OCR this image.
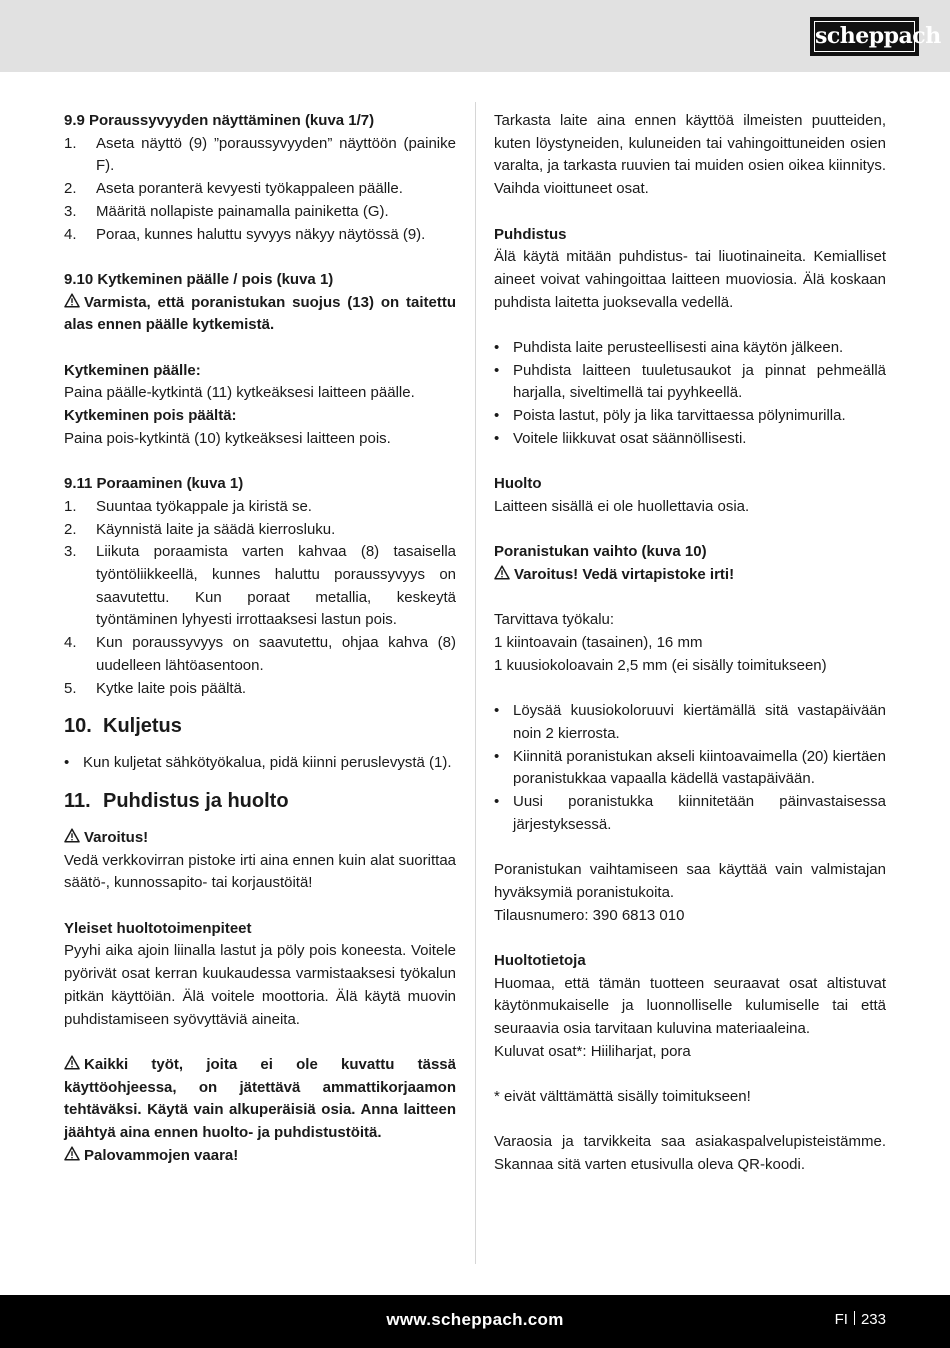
scheppach

9.9 Poraussyvyyden näyttäminen (kuva 1/7)

1. Aseta näyttö (9) ”poraussyvyyden” näyttöön (painike F).
2. Aseta poranterä kevyesti työkappaleen päälle.
3. Määritä nollapiste painamalla painiketta (G).
4. Poraa, kunnes haluttu syvyys näkyy näytössä (9).

9.10 Kytkeminen päälle / pois (kuva 1)

Varmista, että poranistukan suojus (13) on taitettu alas ennen päälle kytkemistä.

Kytkeminen päälle:

Paina päälle-kytkintä (11) kytkeäksesi laitteen päälle.

Kytkeminen pois päältä:

Paina pois-kytkintä (10) kytkeäksesi laitteen pois.

9.11 Poraaminen (kuva 1)

1. Suuntaa työkappale ja kiristä se.
2. Käynnistä laite ja säädä kierrosluku.
3. Liikuta poraamista varten kahvaa (8) tasaisella työntöliikkeellä, kunnes haluttu poraussyvyys on saavutettu. Kun poraat metallia, keskeytä työntäminen lyhyesti irrottaaksesi lastun pois.
4. Kun poraussyvyys on saavutettu, ohjaa kahva (8) uudelleen lähtöasentoon.
5. Kytke laite pois päältä.
10. Kuljetus
• Kun kuljetat sähkötyökalua, pidä kiinni peruslevystä (1).
11. Puhdistus ja huolto

Varoitus!

Vedä verkkovirran pistoke irti aina ennen kuin alat suorittaa säätö-, kunnossapito- tai korjaustöitä!

Yleiset huoltotoimenpiteet

Pyyhi aika ajoin liinalla lastut ja pöly pois koneesta. Voitele pyörivät osat kerran kuukaudessa varmistaaksesi työkalun pitkän käyttöiän. Älä voitele moottoria. Älä käytä muovin puhdistamiseen syövyttäviä aineita.

Kaikki työt, joita ei ole kuvattu tässä käyttöohjeessa, on jätettävä ammattikorjaamon tehtäväksi. Käytä vain alkuperäisiä osia. Anna laitteen jäähtyä aina ennen huolto- ja puhdistustöitä.

Palovammojen vaara!

Tarkasta laite aina ennen käyttöä ilmeisten puutteiden, kuten löystyneiden, kuluneiden tai vahingoittuneiden osien varalta, ja tarkasta ruuvien tai muiden osien oikea kiinnitys. Vaihda vioittuneet osat.

Puhdistus

Älä käytä mitään puhdistus- tai liuotinaineita. Kemialliset aineet voivat vahingoittaa laitteen muoviosia. Älä koskaan puhdista laitetta juoksevalla vedellä.

• Puhdista laite perusteellisesti aina käytön jälkeen.
• Puhdista laitteen tuuletusaukot ja pinnat pehmeällä harjalla, siveltimellä tai pyyhkeellä.
• Poista lastut, pöly ja lika tarvittaessa pölynimurilla.
• Voitele liikkuvat osat säännöllisesti.

Huolto

Laitteen sisällä ei ole huollettavia osia.

Poranistukan vaihto (kuva 10)

Varoitus! Vedä virtapistoke irti!

Tarvittava työkalu:

1 kiintoavain (tasainen), 16 mm

1 kuusiokoloavain 2,5 mm (ei sisälly toimitukseen)

• Löysää kuusiokoloruuvi kiertämällä sitä vastapäivään noin 2 kierrosta.
• Kiinnitä poranistukan akseli kiintoavaimella (20) kiertäen poranistukkaa vapaalla kädellä vastapäivään.
• Uusi poranistukka kiinnitetään päinvastaisessa järjestyksessä.

Poranistukan vaihtamiseen saa käyttää vain valmistajan hyväksymiä poranistukoita.

Tilausnumero: 390 6813 010

Huoltotietoja

Huomaa, että tämän tuotteen seuraavat osat altistuvat käytönmukaiselle ja luonnolliselle kulumiselle tai että seuraavia osia tarvitaan kuluvina materiaaleina.

Kuluvat osat*: Hiiliharjat, pora

* eivät välttämättä sisälly toimitukseen!

Varaosia ja tarvikkeita saa asiakaspalvelupisteistämme. Skannaa sitä varten etusivulla oleva QR-koodi.

www.scheppach.com	FI 233
